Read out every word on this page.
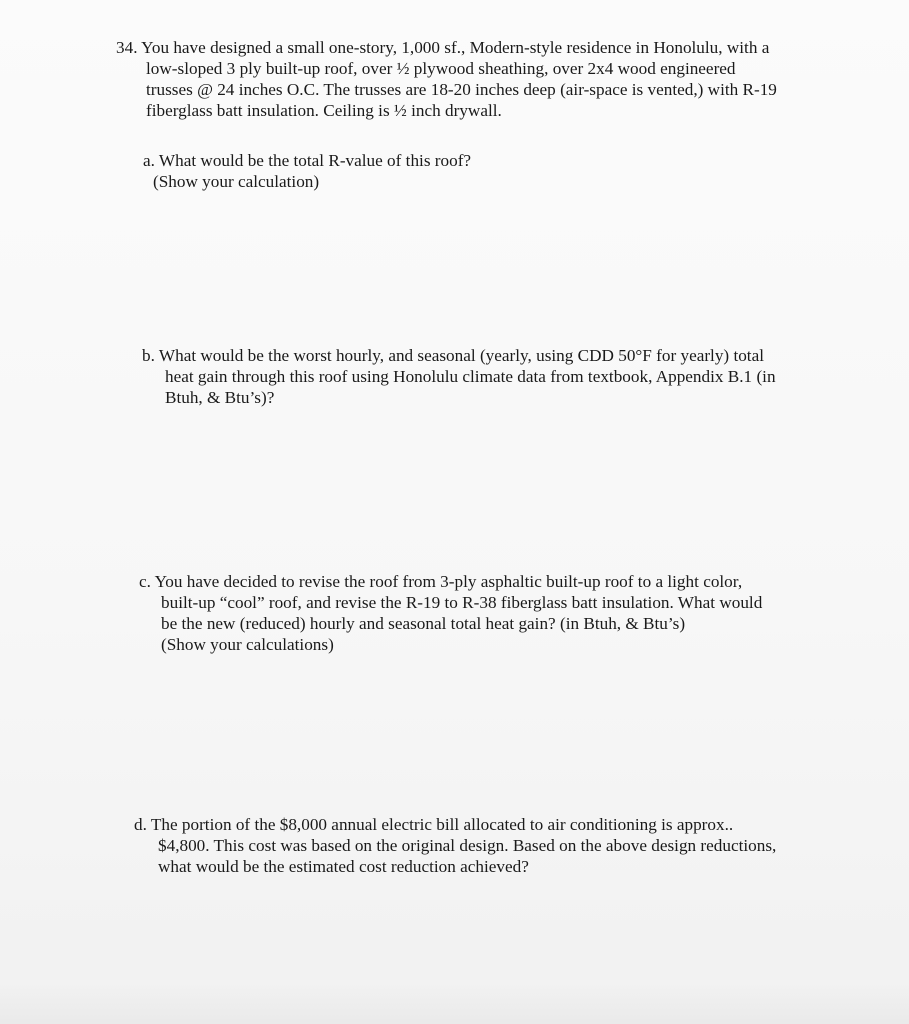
34. You have designed a small one-story, 1,000 sf., Modern-style residence in Honolulu, with a
low-sloped 3 ply built-up roof, over ½ plywood sheathing, over 2x4 wood engineered
trusses @ 24 inches O.C. The trusses are 18-20 inches deep (air-space is vented,) with R-19
fiberglass batt insulation. Ceiling is ½ inch drywall.
a. What would be the total R-value of this roof?
(Show your calculation)
b. What would be the worst hourly, and seasonal (yearly, using CDD 50°F for yearly) total
heat gain through this roof using Honolulu climate data from textbook, Appendix B.1 (in
Btuh, & Btu’s)?
c. You have decided to revise the roof from 3-ply asphaltic built-up roof to a light color,
built-up “cool” roof, and revise the R-19 to R-38 fiberglass batt insulation. What would
be the new (reduced) hourly and seasonal total heat gain? (in Btuh, & Btu’s)
(Show your calculations)
d. The portion of the $8,000 annual electric bill allocated to air conditioning is approx..
$4,800. This cost was based on the original design. Based on the above design reductions,
what would be the estimated cost reduction achieved?
